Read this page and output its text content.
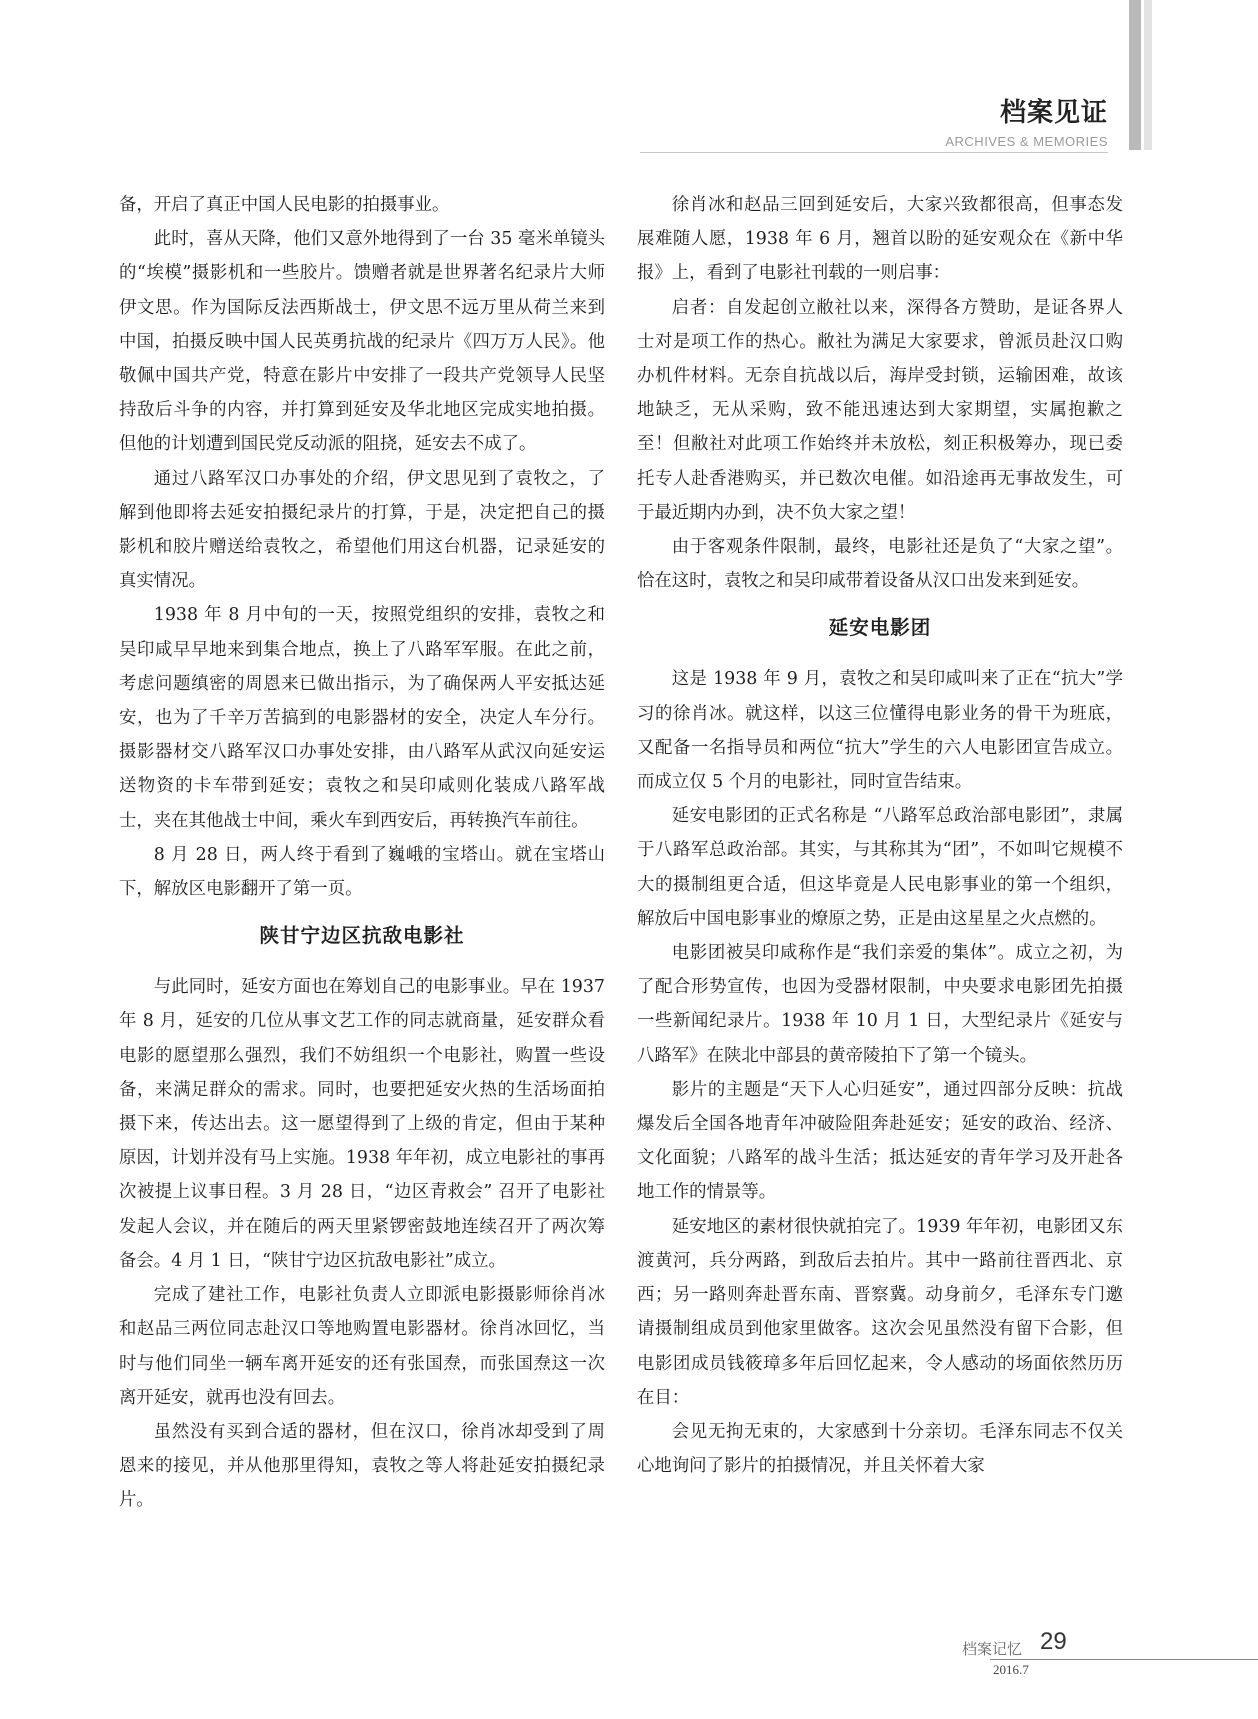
档案见证
ARCHIVES & MEMORIES

备，开启了真正中国人民电影的拍摄事业。

此时，喜从天降，他们又意外地得到了一台 35 毫米单镜头的“埃模”摄影机和一些胶片。馈赠者就是世界著名纪录片大师伊文思。作为国际反法西斯战士，伊文思不远万里从荷兰来到中国，拍摄反映中国人民英勇抗战的纪录片《四万万人民》。他敬佩中国共产党，特意在影片中安排了一段共产党领导人民坚持敌后斗争的内容，并打算到延安及华北地区完成实地拍摄。但他的计划遭到国民党反动派的阻挠，延安去不成了。

通过八路军汉口办事处的介绍，伊文思见到了袁牧之，了解到他即将去延安拍摄纪录片的打算，于是，决定把自己的摄影机和胶片赠送给袁牧之，希望他们用这台机器，记录延安的真实情况。

1938 年 8 月中旬的一天，按照党组织的安排，袁牧之和吴印咸早早地来到集合地点，换上了八路军军服。在此之前，考虑问题缜密的周恩来已做出指示，为了确保两人平安抵达延安，也为了千辛万苦搞到的电影器材的安全，决定人车分行。摄影器材交八路军汉口办事处安排，由八路军从武汉向延安运送物资的卡车带到延安；袁牧之和吴印咸则化装成八路军战士，夹在其他战士中间，乘火车到西安后，再转换汽车前往。

8 月 28 日，两人终于看到了巍峨的宝塔山。就在宝塔山下，解放区电影翻开了第一页。

陕甘宁边区抗敌电影社

与此同时，延安方面也在筹划自己的电影事业。早在 1937 年 8 月，延安的几位从事文艺工作的同志就商量，延安群众看电影的愿望那么强烈，我们不妨组织一个电影社，购置一些设备，来满足群众的需求。同时，也要把延安火热的生活场面拍摄下来，传达出去。这一愿望得到了上级的肯定，但由于某种原因，计划并没有马上实施。1938 年年初，成立电影社的事再次被提上议事日程。3 月 28 日，“边区青救会” 召开了电影社发起人会议，并在随后的两天里紧锣密鼓地连续召开了两次筹备会。4 月 1 日，“陕甘宁边区抗敌电影社”成立。

完成了建社工作，电影社负责人立即派电影摄影师徐肖冰和赵品三两位同志赴汉口等地购置电影器材。徐肖冰回忆，当时与他们同坐一辆车离开延安的还有张国焘，而张国焘这一次离开延安，就再也没有回去。

虽然没有买到合适的器材，但在汉口，徐肖冰却受到了周恩来的接见，并从他那里得知，袁牧之等人将赴延安拍摄纪录片。

徐肖冰和赵品三回到延安后，大家兴致都很高，但事态发展难随人愿，1938 年 6 月，翘首以盼的延安观众在《新中华报》上，看到了电影社刊载的一则启事：

启者：自发起创立敝社以来，深得各方赞助，是证各界人士对是项工作的热心。敝社为满足大家要求，曾派员赴汉口购办机件材料。无奈自抗战以后，海岸受封锁，运输困难，故该地缺乏，无从采购，致不能迅速达到大家期望，实属抱歉之至！但敝社对此项工作始终并未放松，刻正积极筹办，现已委托专人赴香港购买，并已数次电催。如沿途再无事故发生，可于最近期内办到，决不负大家之望！

由于客观条件限制，最终，电影社还是负了“大家之望”。恰在这时，袁牧之和吴印咸带着设备从汉口出发来到延安。

延安电影团

这是 1938 年 9 月，袁牧之和吴印咸叫来了正在“抗大”学习的徐肖冰。就这样，以这三位懂得电影业务的骨干为班底，又配备一名指导员和两位“抗大”学生的六人电影团宣告成立。而成立仅 5 个月的电影社，同时宣告结束。

延安电影团的正式名称是 “八路军总政治部电影团”，隶属于八路军总政治部。其实，与其称其为“团”，不如叫它规模不大的摄制组更合适，但这毕竟是人民电影事业的第一个组织，解放后中国电影事业的燎原之势，正是由这星星之火点燃的。

电影团被吴印咸称作是“我们亲爱的集体”。成立之初，为了配合形势宣传，也因为受器材限制，中央要求电影团先拍摄一些新闻纪录片。1938 年 10 月 1 日，大型纪录片《延安与八路军》在陕北中部县的黄帝陵拍下了第一个镜头。

影片的主题是“天下人心归延安”，通过四部分反映：抗战爆发后全国各地青年冲破险阻奔赴延安；延安的政治、经济、文化面貌；八路军的战斗生活；抵达延安的青年学习及开赴各地工作的情景等。

延安地区的素材很快就拍完了。1939 年年初，电影团又东渡黄河，兵分两路，到敌后去拍片。其中一路前往晋西北、京西；另一路则奔赴晋东南、晋察冀。动身前夕，毛泽东专门邀请摄制组成员到他家里做客。这次会见虽然没有留下合影，但电影团成员钱筱璋多年后回忆起来，令人感动的场面依然历历在目：

会见无拘无束的，大家感到十分亲切。毛泽东同志不仅关心地询问了影片的拍摄情况，并且关怀着大家

档案记忆 29
2016.7
